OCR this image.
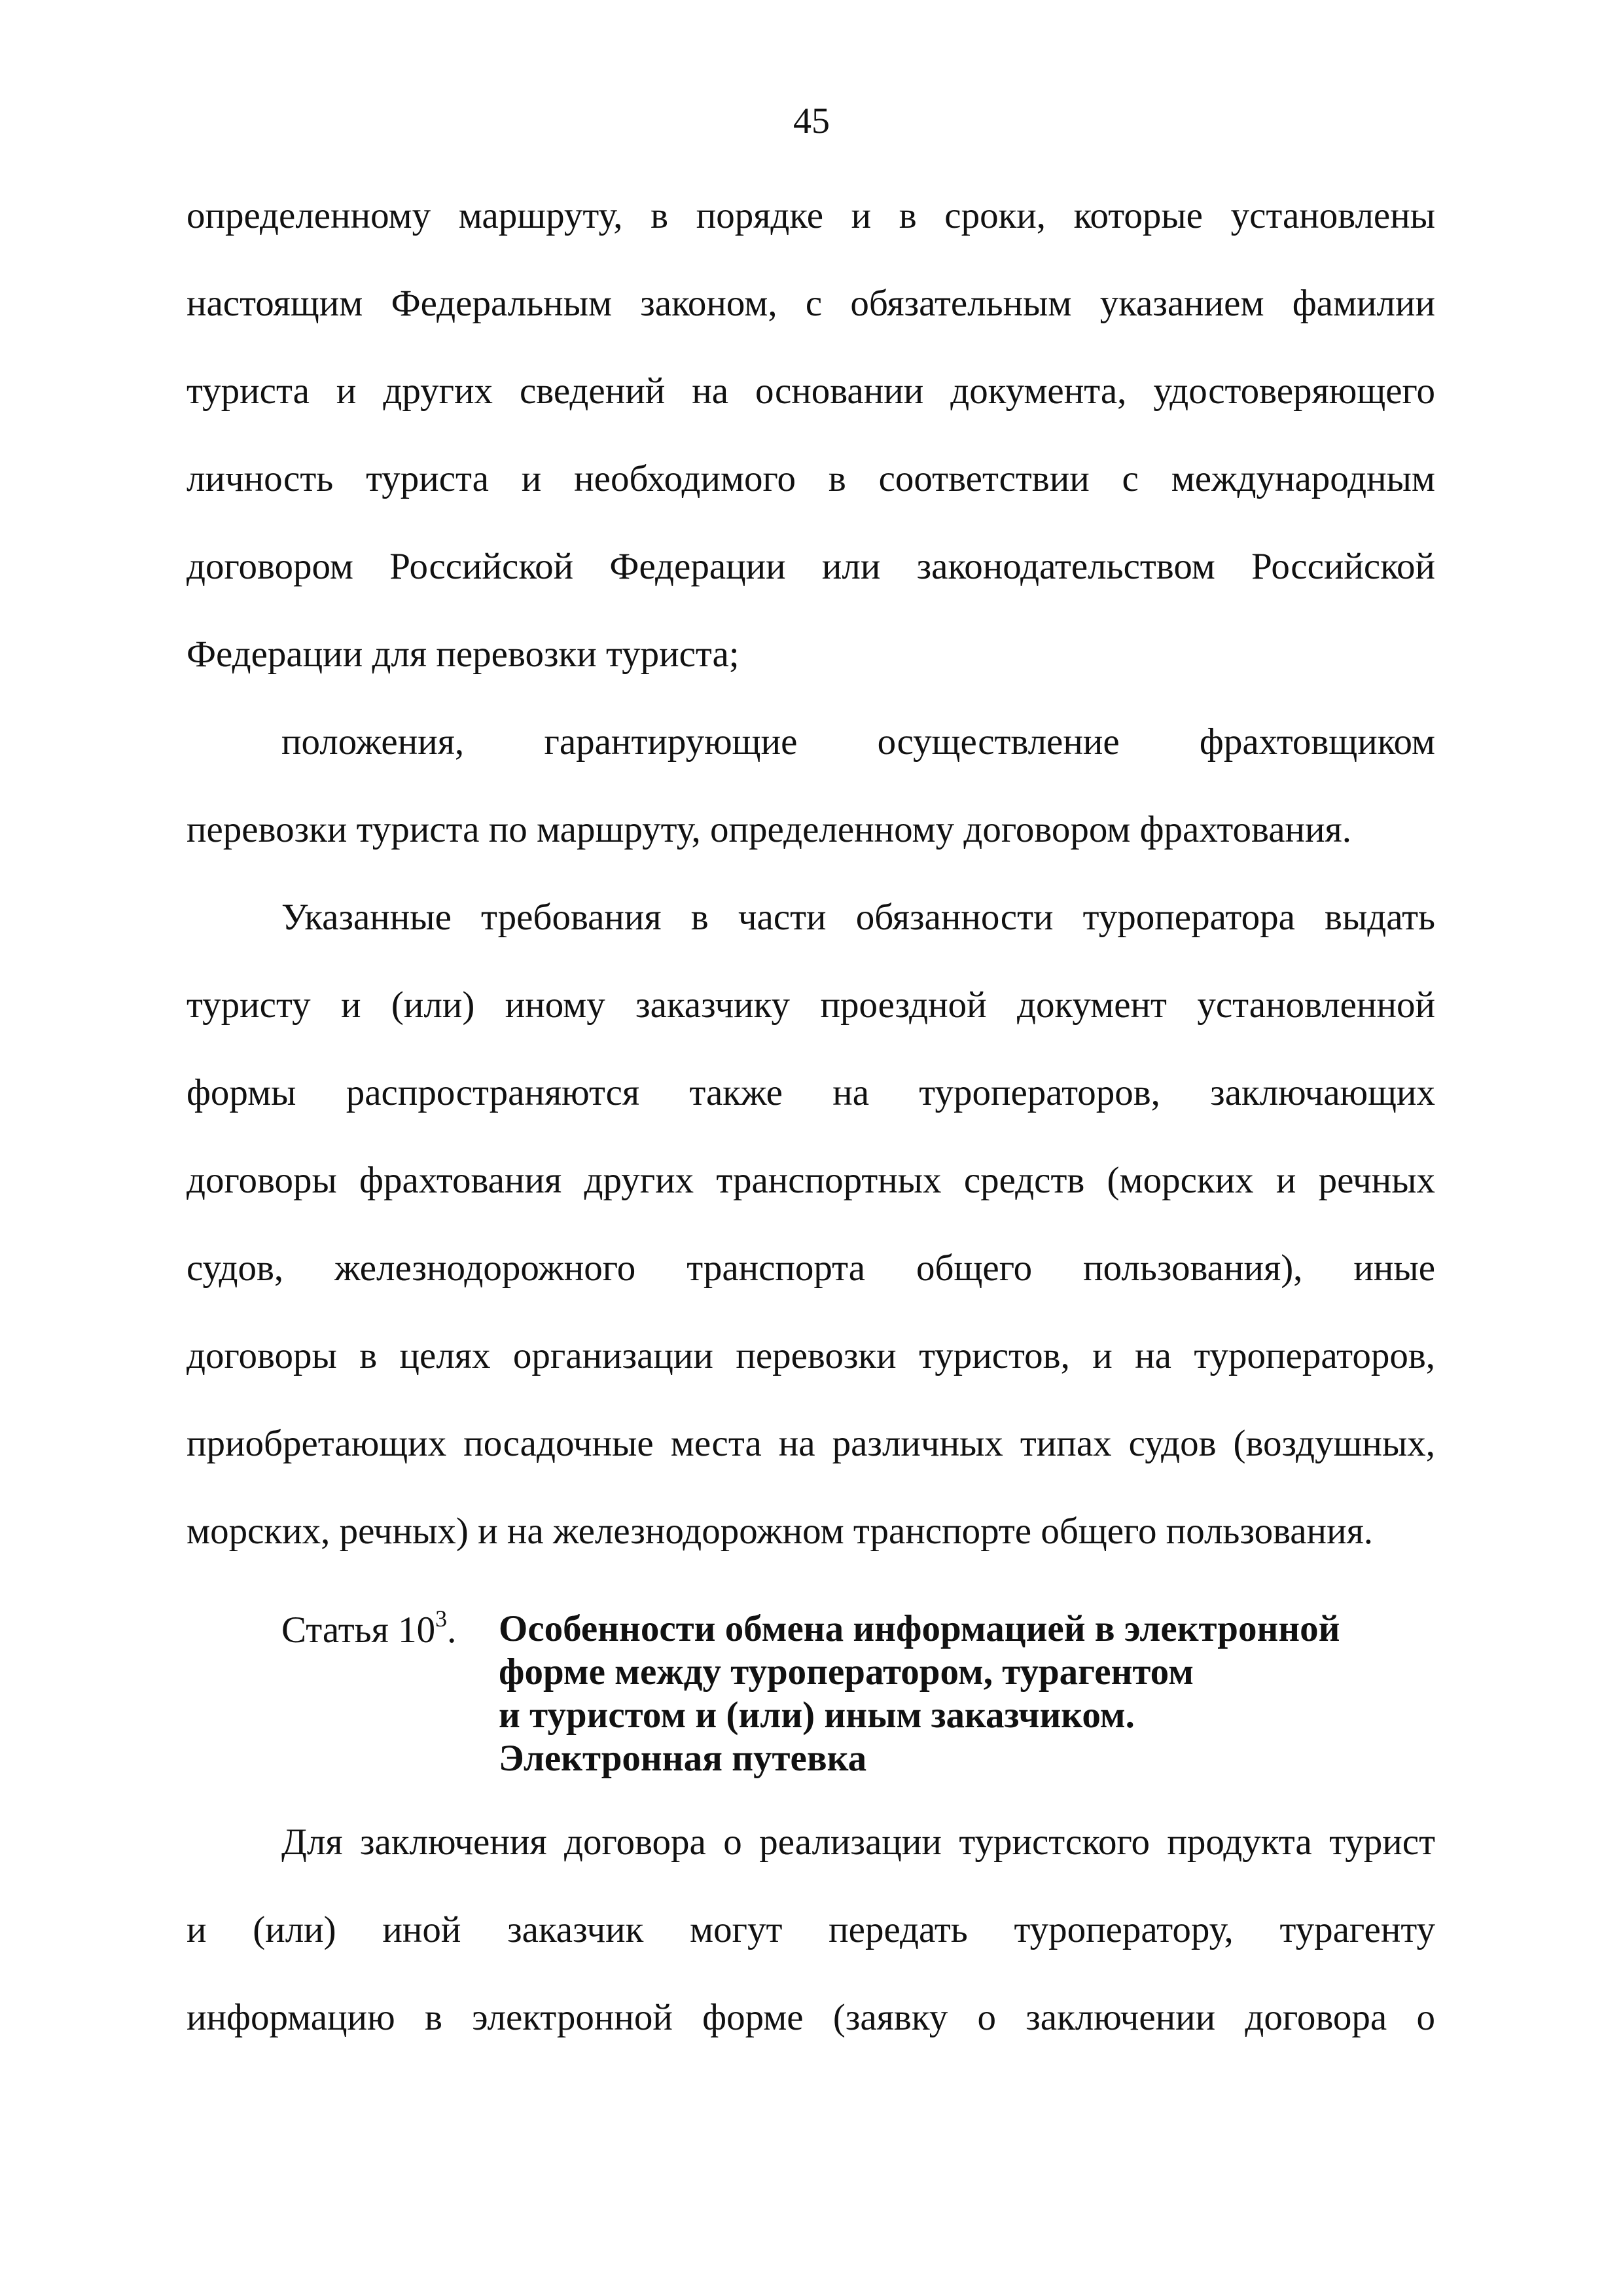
45
определенному маршруту, в порядке и в сроки, которые установлены
настоящим Федеральным законом, с обязательным указанием фамилии
туриста и других сведений на основании документа, удостоверяющего
личность туриста и необходимого в соответствии с международным
договором Российской Федерации или законодательством Российской
Федерации для перевозки туриста;
положения, гарантирующие осуществление фрахтовщиком
перевозки туриста по маршруту, определенному договором фрахтования.
Указанные требования в части обязанности туроператора выдать
туристу и (или) иному заказчику проездной документ установленной
формы распространяются также на туроператоров, заключающих
договоры фрахтования других транспортных средств (морских и речных
судов, железнодорожного транспорта общего пользования), иные
договоры в целях организации перевозки туристов, и на туроператоров,
приобретающих посадочные места на различных типах судов (воздушных,
морских, речных) и на железнодорожном транспорте общего пользования.
Статья $10^3$. Особенности обмена информацией в электронной
форме между туроператором, турагентом
и туристом и (или) иным заказчиком.
Электронная путевка
Для заключения договора о реализации туристского продукта турист
и (или) иной заказчик могут передать туроператору, турагенту
информацию в электронной форме (заявку о заключении договора о
